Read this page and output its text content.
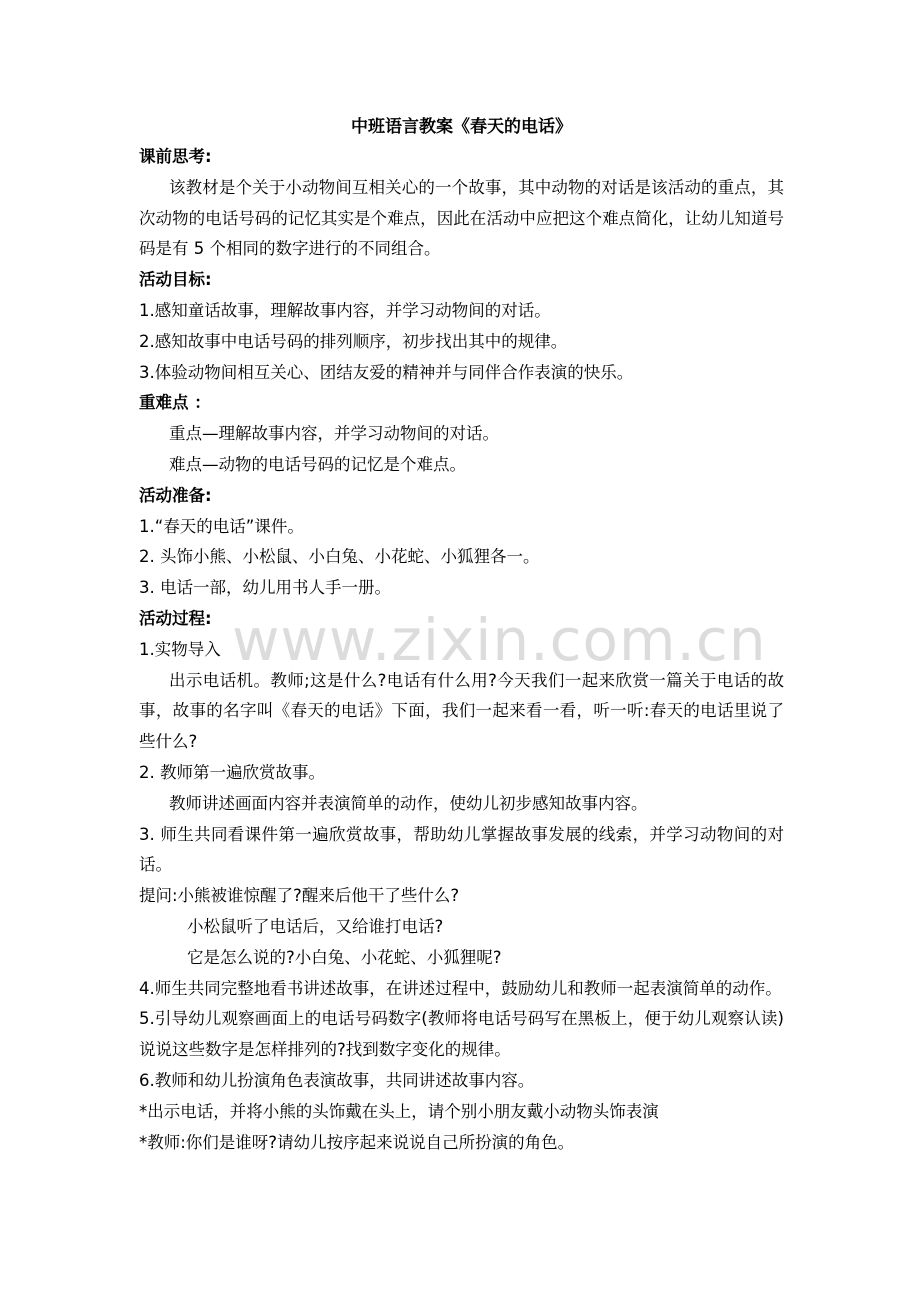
中班语言教案《春天的电话》

课前思考:

该教材是个关于小动物间互相关心的一个故事，其中动物的对话是该活动的重点，其次动物的电话号码的记忆其实是个难点，因此在活动中应把这个难点简化，让幼儿知道号码是有 5 个相同的数字进行的不同组合。

活动目标:

1.感知童话故事，理解故事内容，并学习动物间的对话。

2.感知故事中电话号码的排列顺序，初步找出其中的规律。

3.体验动物间相互关心、团结友爱的精神并与同伴合作表演的快乐。

重难点 ：

重点—理解故事内容，并学习动物间的对话。

难点—动物的电话号码的记忆是个难点。

活动准备:

1.“春天的电话”课件。

2. 头饰小熊、小松鼠、小白兔、小花蛇、小狐狸各一。

3. 电话一部，幼儿用书人手一册。

活动过程:

1.实物导入

出示电话机。教师;这是什么?电话有什么用?今天我们一起来欣赏一篇关于电话的故事，故事的名字叫《春天的电话》下面，我们一起来看一看，听一听:春天的电话里说了些什么?

2. 教师第一遍欣赏故事。

教师讲述画面内容并表演简单的动作，使幼儿初步感知故事内容。

3. 师生共同看课件第一遍欣赏故事，帮助幼儿掌握故事发展的线索，并学习动物间的对话。

提问:小熊被谁惊醒了?醒来后他干了些什么?

小松鼠听了电话后，又给谁打电话?

它是怎么说的?小白兔、小花蛇、小狐狸呢?

4.师生共同完整地看书讲述故事，在讲述过程中，鼓励幼儿和教师一起表演简单的动作。

5.引导幼儿观察画面上的电话号码数字(教师将电话号码写在黑板上，便于幼儿观察认读)说说这些数字是怎样排列的?找到数字变化的规律。

6.教师和幼儿扮演角色表演故事，共同讲述故事内容。

*出示电话，并将小熊的头饰戴在头上，请个别小朋友戴小动物头饰表演

*教师:你们是谁呀?请幼儿按序起来说说自己所扮演的角色。

www.zixin.com.cn
